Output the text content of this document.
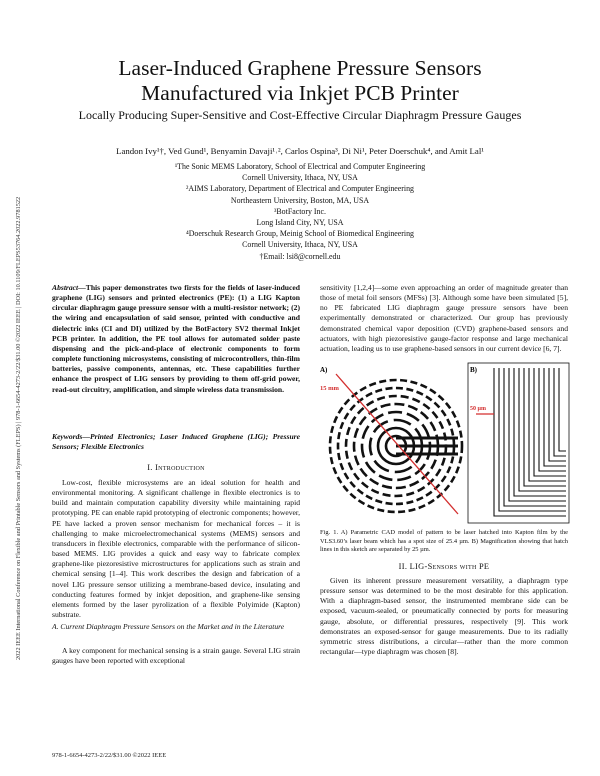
2022 IEEE International Conference on Flexible and Printable Sensors and Systems (FLEPS) | 978-1-6654-4273-2/22/$31.00 ©2022 IEEE | DOI: 10.1109/FLEPS53764.2022.9781522
Laser-Induced Graphene Pressure Sensors
Manufactured via Inkjet PCB Printer
Locally Producing Super-Sensitive and Cost-Effective Circular Diaphragm Pressure Gauges
Landon Ivy¹†, Ved Gund¹, Benyamin Davaji¹˒², Carlos Ospina³, Di Ni¹, Peter Doerschuk⁴, and Amit Lal¹
¹The Sonic MEMS Laboratory, School of Electrical and Computer Engineering
Cornell University, Ithaca, NY, USA
²AIMS Laboratory, Department of Electrical and Computer Engineering
Northeastern University, Boston, MA, USA
³BotFactory Inc.
Long Island City, NY, USA
⁴Doerschuk Research Group, Meinig School of Biomedical Engineering
Cornell University, Ithaca, NY, USA
†Email: lsi8@cornell.edu
Abstract—This paper demonstrates two firsts for the fields of laser-induced graphene (LIG) sensors and printed electronics (PE): (1) a LIG Kapton circular diaphragm gauge pressure sensor with a multi-resistor network; (2) the wiring and encapsulation of said sensor, printed with conductive and dielectric inks (CI and DI) utilized by the BotFactory SV2 thermal Inkjet PCB printer. In addition, the PE tool allows for automated solder paste dispensing and the pick-and-place of electronic components to form complete functioning microsystems, consisting of microcontrollers, thin-film batteries, passive components, antennas, etc. These capabilities further enhance the prospect of LIG sensors by providing to them off-grid power, read-out circuitry, amplification, and simple wireless data transmission.
Keywords—Printed Electronics; Laser Induced Graphene (LIG); Pressure Sensors; Flexible Electronics
I. Introduction
Low-cost, flexible microsystems are an ideal solution for health and environmental monitoring. A significant challenge in flexible electronics is to build and maintain computation capability diversity while maintaining rapid prototyping. PE can enable rapid prototyping of electronic components; however, PE have lacked a proven sensor mechanism for mechanical forces – it is challenging to make microelectromechanical systems (MEMS) sensors and transducers in flexible electronics, comparable with the performance of silicon-based MEMS. LIG provides a quick and easy way to fabricate complex graphene-like piezoresistive microstructures for applications such as strain and chemical sensing [1–4]. This work describes the design and fabrication of a novel LIG pressure sensor utilizing a membrane-based device, insulating and conducting features formed by inkjet deposition, and graphene-like sensing elements formed by the laser pyrolization of a flexible Polyimide (Kapton) substrate.
A. Current Diaphragm Pressure Sensors on the Market and in the Literature
A key component for mechanical sensing is a strain gauge. Several LIG strain gauges have been reported with exceptional
sensitivity [1,2,4]—some even approaching an order of magnitude greater than those of metal foil sensors (MFSs) [3]. Although some have been simulated [5], no PE fabricated LIG diaphragm gauge pressure sensors have been experimentally demonstrated or characterized. Our group has previously demonstrated chemical vapor deposition (CVD) graphene-based sensors and actuators, with high piezoresistive gauge-factor response and large mechanical actuation, leading us to use graphene-based sensors in our current device [6, 7].
A)
15 mm
B)
50 µm
Fig. 1. A) Parametric CAD model of pattern to be laser hatched into Kapton film by the VLS3.60’s laser beam which has a spot size of 25.4 µm. B) Magnification showing that hatch lines in this sketch are separated by 25 µm.
II. LIG-Sensors with PE
Given its inherent pressure measurement versatility, a diaphragm type pressure sensor was determined to be the most desirable for this application. With a diaphragm-based sensor, the instrumented membrane side can be exposed, vacuum-sealed, or pneumatically connected by ports for measuring gauge, absolute, or differential pressures, respectively [9]. This work demonstrates an exposed-sensor for gauge measurements. Due to its radially symmetric stress distributions, a circular—rather than the more common rectangular—type diaphragm was chosen [8].
978-1-6654-4273-2/22/$31.00 ©2022 IEEE
